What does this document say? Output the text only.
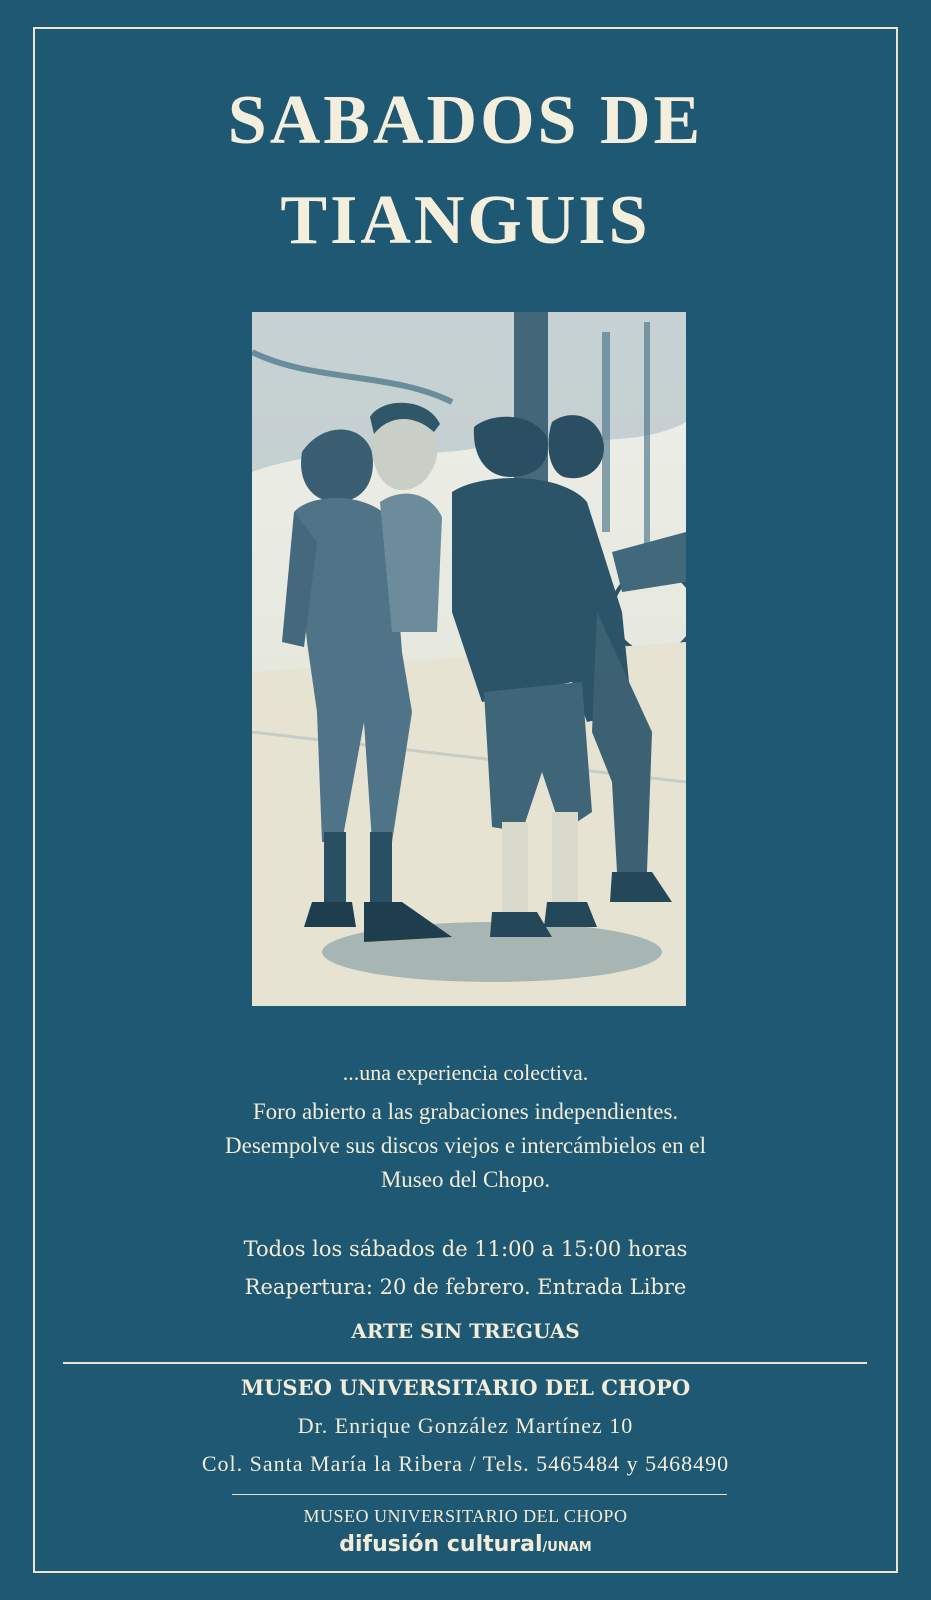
SABADOS DE
TIANGUIS

...una experiencia colectiva.

Foro abierto a las grabaciones independientes.
Desempolve sus discos viejos e intercámbielos en el
Museo del Chopo.

Todos los sábados de 11:00 a 15:00 horas

Reapertura: 20 de febrero. Entrada Libre

ARTE SIN TREGUAS

MUSEO UNIVERSITARIO DEL CHOPO

Dr. Enrique González Martínez 10

Col. Santa María la Ribera / Tels. 5465484 y 5468490

MUSEO UNIVERSITARIO DEL CHOPO

difusión cultural/UNAM
